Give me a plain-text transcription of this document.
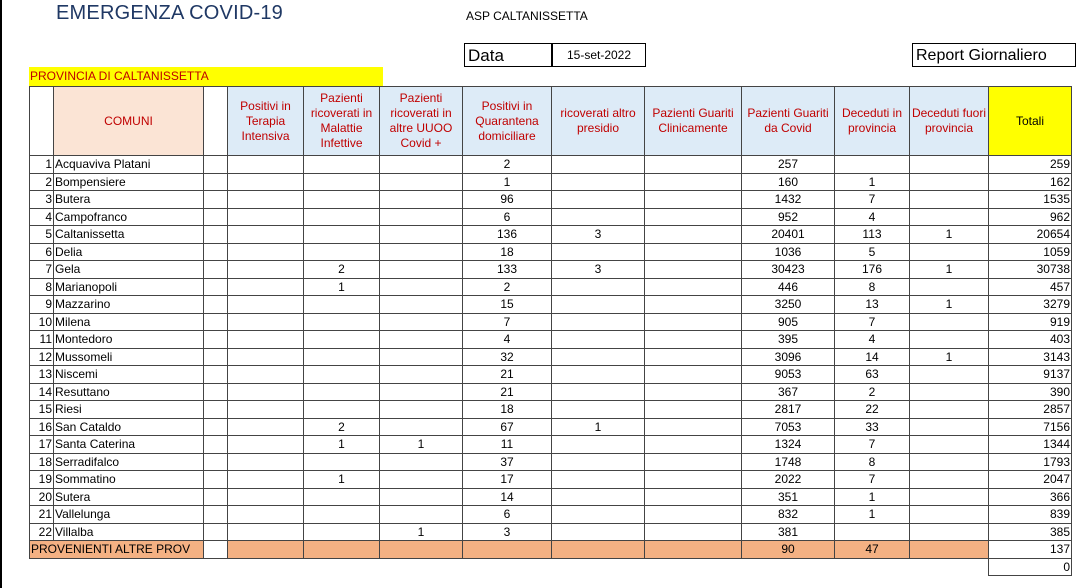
EMERGENZA COVID-19	ASP CALTANISSETTA
Data	15-set-2022	Report Giornaliero
PROVINCIA DI CALTANISSETTA
	COMUNI		Positivi in Terapia Intensiva	Pazienti ricoverati in Malattie Infettive	Pazienti ricoverati in altre UUOO Covid +	Positivi in Quarantena domiciliare	ricoverati altro presidio	Pazienti Guariti Clinicamente	Pazienti Guariti da Covid	Deceduti in provincia	Deceduti fuori provincia	Totali
1	Acquaviva Platani					2			257			259
2	Bompensiere					1			160	1		162
3	Butera					96			1432	7		1535
4	Campofranco					6			952	4		962
5	Caltanissetta					136	3		20401	113	1	20654
6	Delia					18			1036	5		1059
7	Gela			2		133	3		30423	176	1	30738
8	Marianopoli			1		2			446	8		457
9	Mazzarino					15			3250	13	1	3279
10	Milena					7			905	7		919
11	Montedoro					4			395	4		403
12	Mussomeli					32			3096	14	1	3143
13	Niscemi					21			9053	63		9137
14	Resuttano					21			367	2		390
15	Riesi					18			2817	22		2857
16	San Cataldo			2		67	1		7053	33		7156
17	Santa Caterina			1	1	11			1324	7		1344
18	Serradifalco					37			1748	8		1793
19	Sommatino			1		17			2022	7		2047
20	Sutera					14			351	1		366
21	Vallelunga					6			832	1		839
22	Villalba				1	3			381			385
PROVENIENTI ALTRE PROV									90	47		137
												0
